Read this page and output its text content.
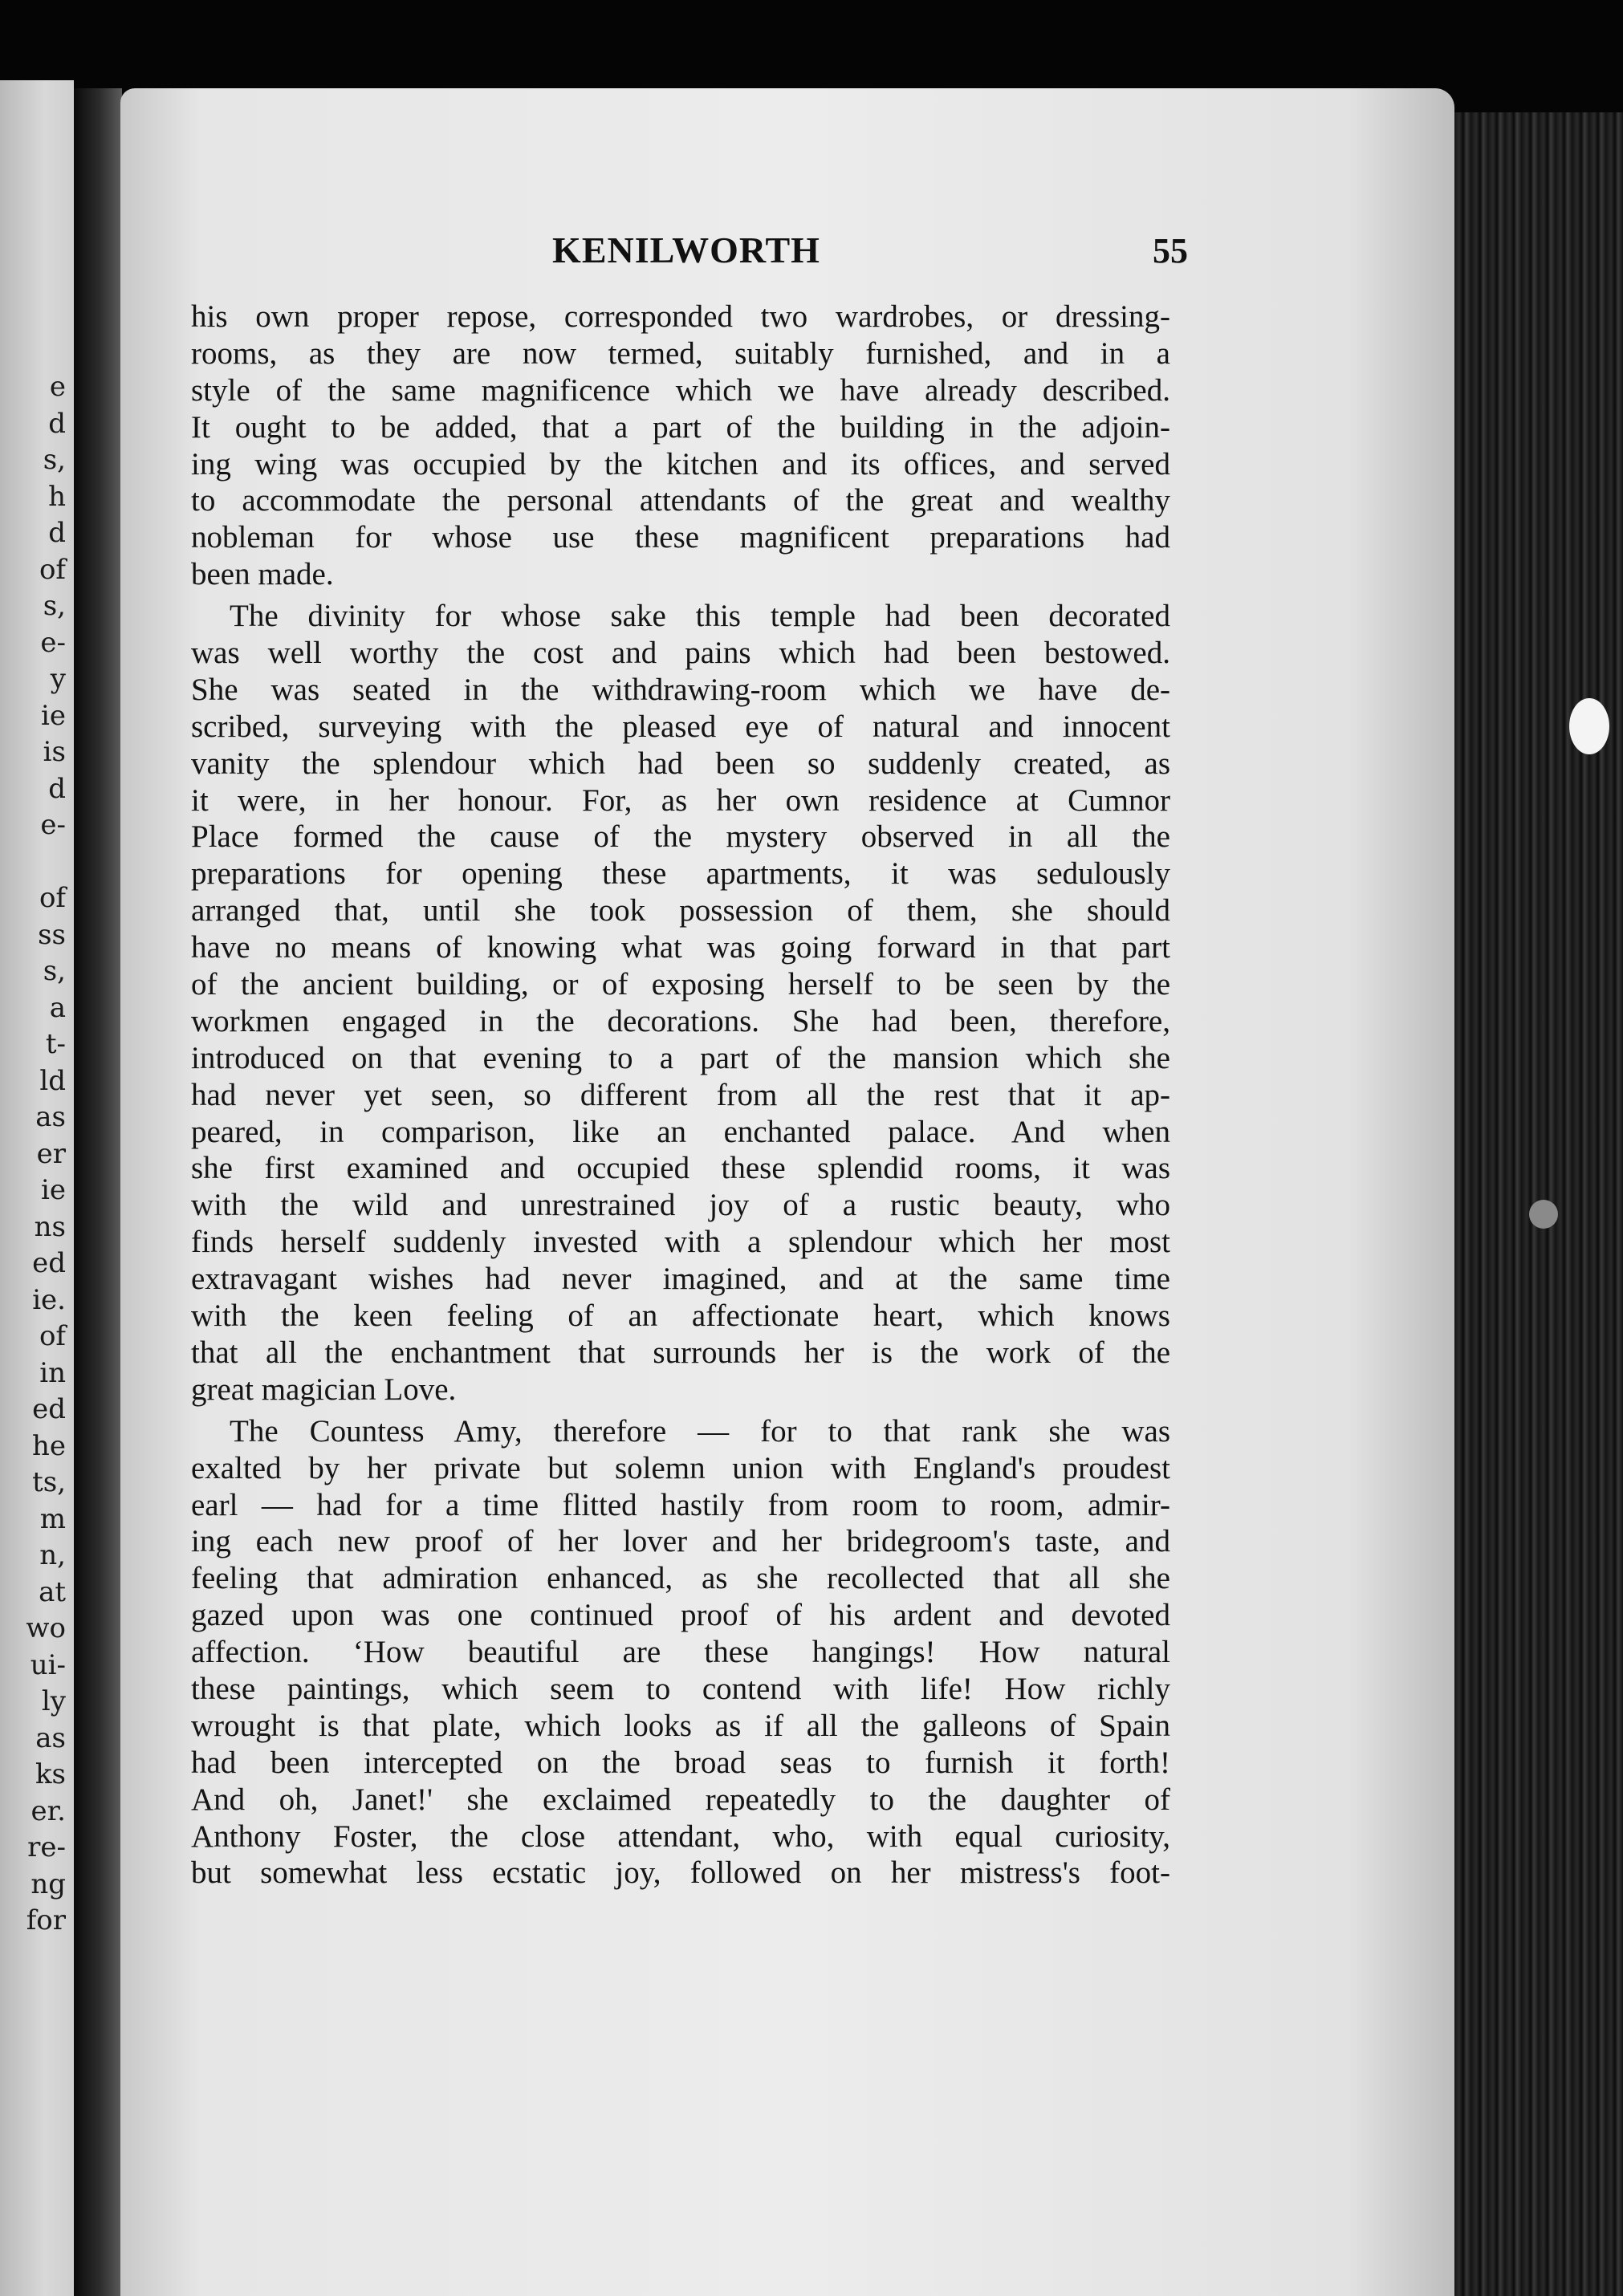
e
d
s,
h
d
of
s,
e-
y
ie
is
d
e-
of
ss
s,
a
t-
ld
as
er
ie
ns
ed
ie.
of
in
ed
he
ts,
m
n,
at
wo
ui-
ly
as
ks
er.
re-
ng
for
KENILWORTH	55
his own proper repose, corresponded two wardrobes, or dressing-
rooms, as they are now termed, suitably furnished, and in a
style of the same magnificence which we have already described.
It ought to be added, that a part of the building in the adjoin-
ing wing was occupied by the kitchen and its offices, and served
to accommodate the personal attendants of the great and wealthy
nobleman for whose use these magnificent preparations had
been made.
The divinity for whose sake this temple had been decorated
was well worthy the cost and pains which had been bestowed.
She was seated in the withdrawing-room which we have de-
scribed, surveying with the pleased eye of natural and innocent
vanity the splendour which had been so suddenly created, as
it were, in her honour. For, as her own residence at Cumnor
Place formed the cause of the mystery observed in all the
preparations for opening these apartments, it was sedulously
arranged that, until she took possession of them, she should
have no means of knowing what was going forward in that part
of the ancient building, or of exposing herself to be seen by the
workmen engaged in the decorations. She had been, therefore,
introduced on that evening to a part of the mansion which she
had never yet seen, so different from all the rest that it ap-
peared, in comparison, like an enchanted palace. And when
she first examined and occupied these splendid rooms, it was
with the wild and unrestrained joy of a rustic beauty, who
finds herself suddenly invested with a splendour which her most
extravagant wishes had never imagined, and at the same time
with the keen feeling of an affectionate heart, which knows
that all the enchantment that surrounds her is the work of the
great magician Love.
The Countess Amy, therefore — for to that rank she was
exalted by her private but solemn union with England's proudest
earl — had for a time flitted hastily from room to room, admir-
ing each new proof of her lover and her bridegroom's taste, and
feeling that admiration enhanced, as she recollected that all she
gazed upon was one continued proof of his ardent and devoted
affection. ‘How beautiful are these hangings! How natural
these paintings, which seem to contend with life! How richly
wrought is that plate, which looks as if all the galleons of Spain
had been intercepted on the broad seas to furnish it forth!
And oh, Janet!' she exclaimed repeatedly to the daughter of
Anthony Foster, the close attendant, who, with equal curiosity,
but somewhat less ecstatic joy, followed on her mistress's foot-
